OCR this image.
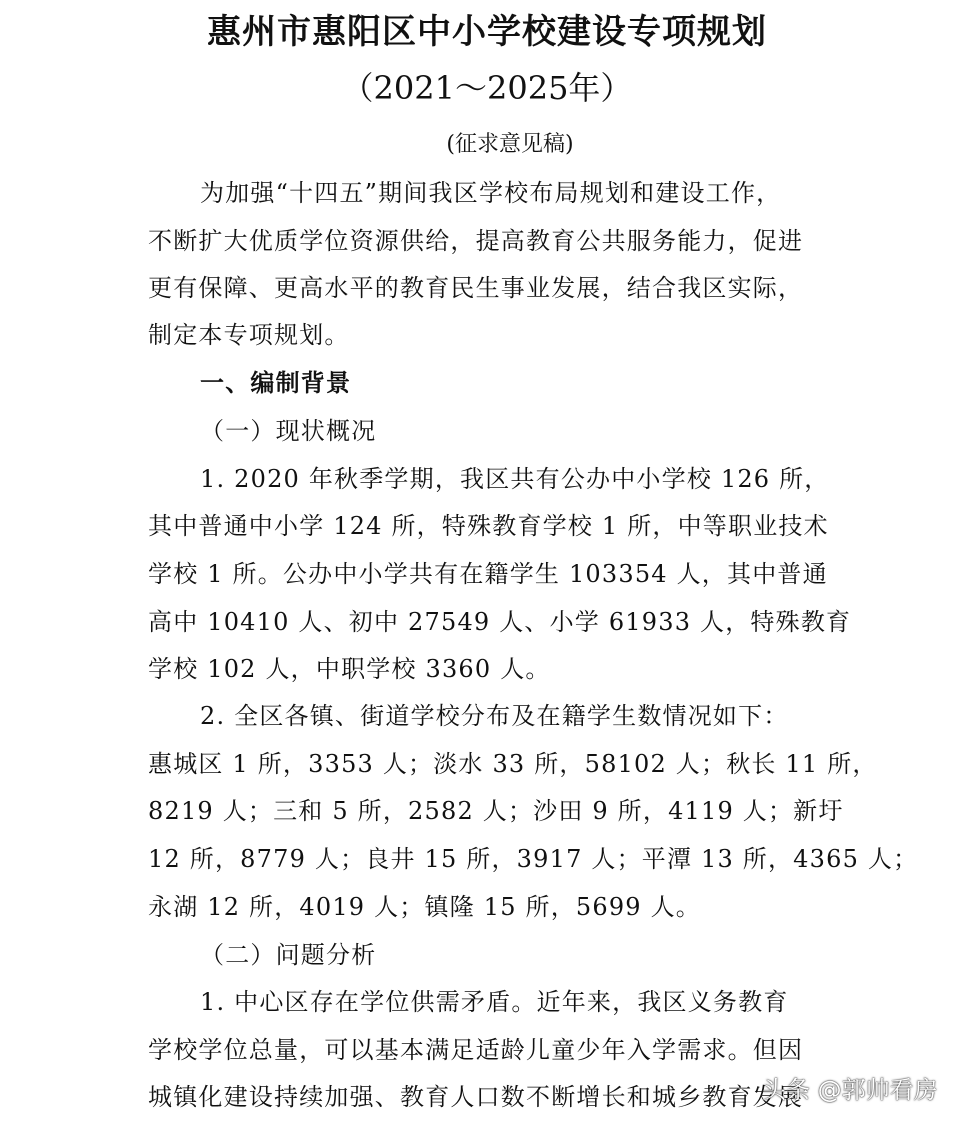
惠州市惠阳区中小学校建设专项规划
（2021～2025年）
(征求意见稿)
为加强“十四五”期间我区学校布局规划和建设工作，
不断扩大优质学位资源供给，提高教育公共服务能力，促进
更有保障、更高水平的教育民生事业发展，结合我区实际，
制定本专项规划。
一、编制背景
（一）现状概况
1. 2020 年秋季学期，我区共有公办中小学校 126 所，
其中普通中小学 124 所，特殊教育学校 1 所，中等职业技术
学校 1 所。公办中小学共有在籍学生 103354 人，其中普通
高中 10410 人、初中 27549 人、小学 61933 人，特殊教育
学校 102 人，中职学校 3360 人。
2. 全区各镇、街道学校分布及在籍学生数情况如下：
惠城区 1 所，3353 人；淡水 33 所，58102 人；秋长 11 所，
8219 人；三和 5 所，2582 人；沙田 9 所，4119 人；新圩
12 所，8779 人；良井 15 所，3917 人；平潭 13 所，4365 人；
永湖 12 所，4019 人；镇隆 15 所，5699 人。
（二）问题分析
1. 中心区存在学位供需矛盾。近年来，我区义务教育
学校学位总量，可以基本满足适龄儿童少年入学需求。但因
城镇化建设持续加强、教育人口数不断增长和城乡教育发展
头条 @郭帅看房
